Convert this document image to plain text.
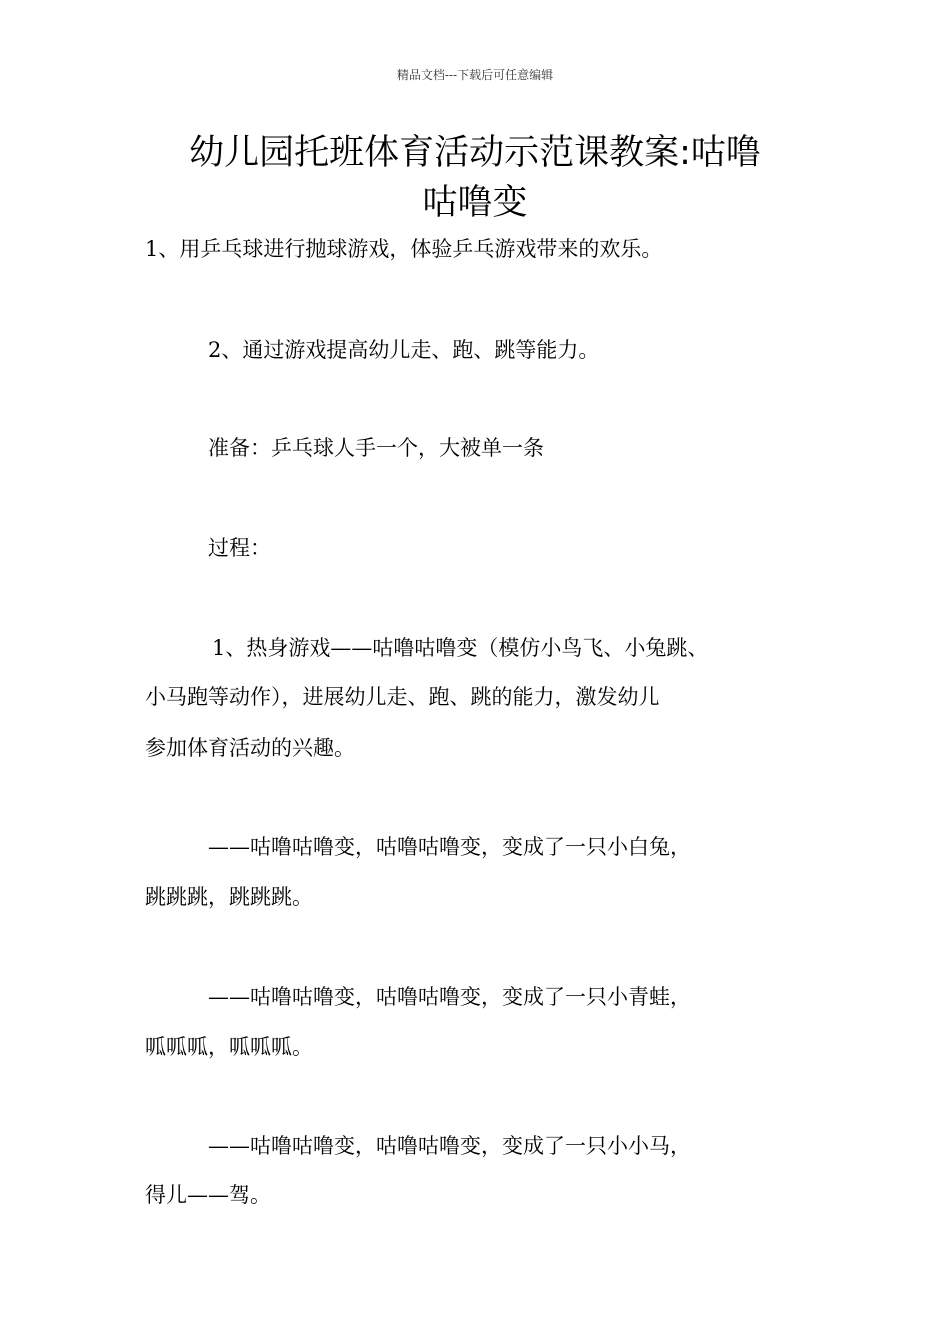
精品文档---下载后可任意编辑
幼儿园托班体育活动示范课教案:咕噜
咕噜变
1、用乒乓球进行抛球游戏，体验乒乓游戏带来的欢乐。
2、通过游戏提高幼儿走、跑、跳等能力。
准备：乒乓球人手一个，大被单一条
过程：
1、热身游戏——咕噜咕噜变（模仿小鸟飞、小兔跳、
小马跑等动作），进展幼儿走、跑、跳的能力，激发幼儿
参加体育活动的兴趣。
——咕噜咕噜变，咕噜咕噜变，变成了一只小白兔，
跳跳跳，跳跳跳。
——咕噜咕噜变，咕噜咕噜变，变成了一只小青蛙，
呱呱呱，呱呱呱。
——咕噜咕噜变，咕噜咕噜变，变成了一只小小马，
得儿——驾。
